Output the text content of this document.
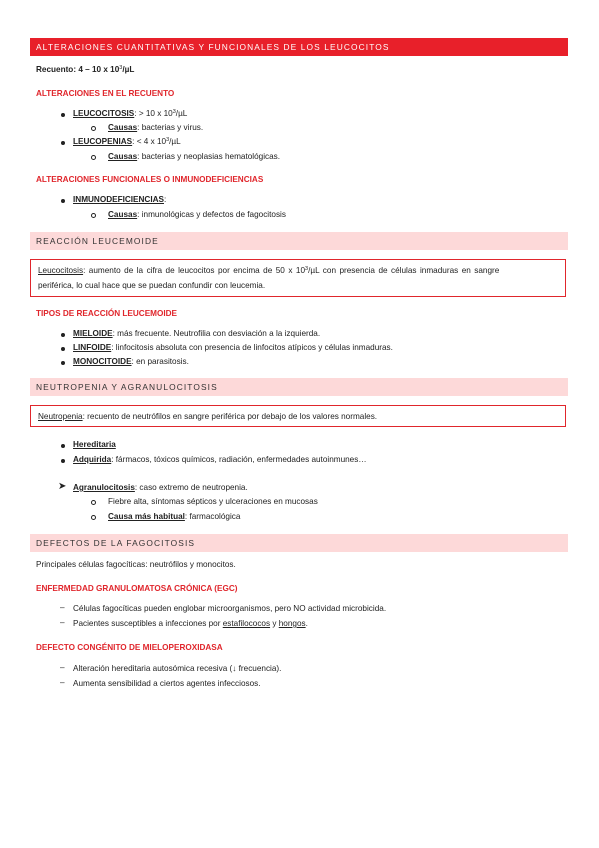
ALTERACIONES CUANTITATIVAS Y FUNCIONALES DE LOS LEUCOCITOS
Recuento: 4 – 10 x $10^3/\mu L$
ALTERACIONES EN EL RECUENTO
LEUCOCITOSIS: > 10 x $10^3/\mu L$
Causas: bacterias y virus.
LEUCOPENIAS: < 4 x $10^3/\mu L$
Causas: bacterias y neoplasias hematológicas.
ALTERACIONES FUNCIONALES O INMUNODEFICIENCIAS
INMUNODEFICIENCIAS:
Causas: inmunológicas y defectos de fagocitosis
REACCIÓN LEUCEMOIDE
Leucocitosis: aumento de la cifra de leucocitos por encima de 50 x $10^3/\mu L$ con presencia de células inmaduras en sangre
periférica, lo cual hace que se puedan confundir con leucemia.
TIPOS DE REACCIÓN LEUCEMOIDE
MIELOIDE: más frecuente. Neutrofilia con desviación a la izquierda.
LINFOIDE: linfocitosis absoluta con presencia de linfocitos atípicos y células inmaduras.
MONOCITOIDE: en parasitosis.
NEUTROPENIA Y AGRANULOCITOSIS
Neutropenia: recuento de neutrófilos en sangre periférica por debajo de los valores normales.
Hereditaria
Adquirida: fármacos, tóxicos químicos, radiación, enfermedades autoinmunes…
➤ Agranulocitosis: caso extremo de neutropenia.
Fiebre alta, síntomas sépticos y ulceraciones en mucosas
Causa más habitual: farmacológica
DEFECTOS DE LA FAGOCITOSIS
Principales células fagocíticas: neutrófilos y monocitos.
ENFERMEDAD GRANULOMATOSA CRÓNICA (EGC)
– Células fagocíticas pueden englobar microorganismos, pero NO actividad microbicida.
– Pacientes susceptibles a infecciones por estafilococos y hongos.
DEFECTO CONGÉNITO DE MIELOPEROXIDASA
– Alteración hereditaria autosómica recesiva (↓ frecuencia).
– Aumenta sensibilidad a ciertos agentes infecciosos.
